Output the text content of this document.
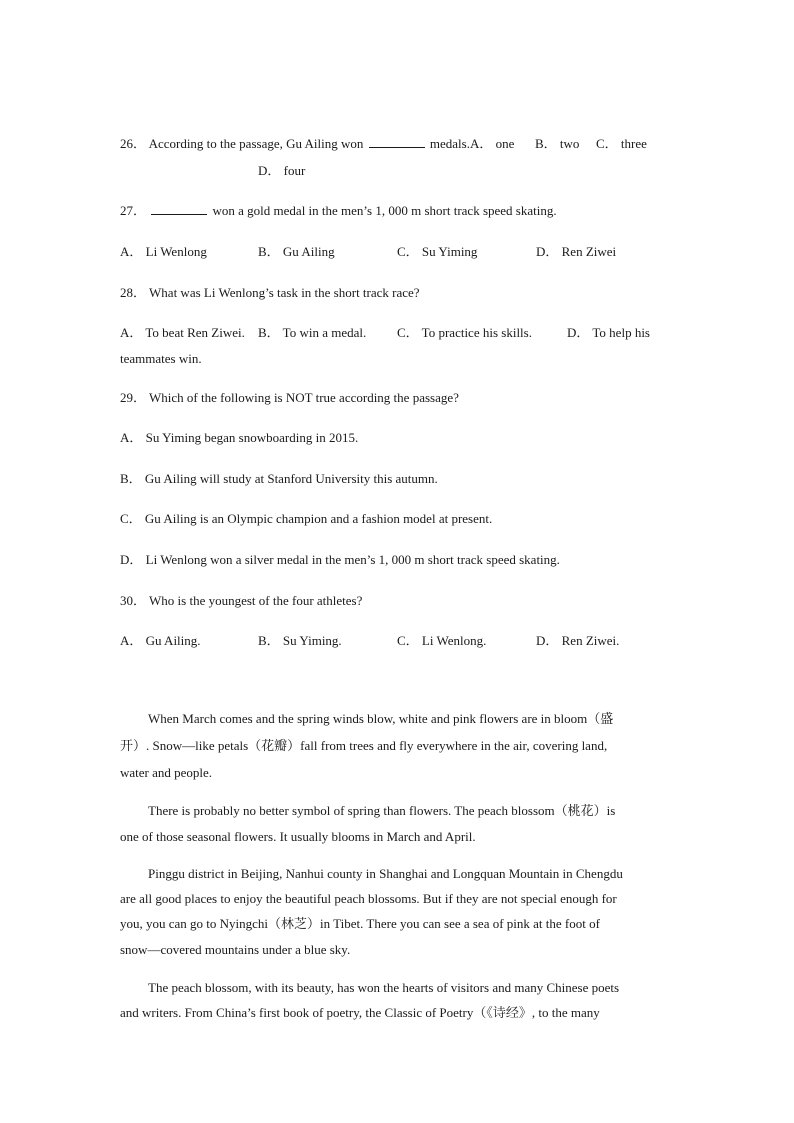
26． According to the passage, Gu Ailing won	medals.A． one B． two C． three
D． four
27．	won a gold medal in the men’s 1, 000 m short track speed skating.
A． Li Wenlong	B． Gu Ailing	C． Su Yiming	D． Ren Ziwei
28． What was Li Wenlong’s task in the short track race?
A． To beat Ren Ziwei. B． To win a medal. C． To practice his skills.	D． To help his
teammates win.
29． Which of the following is NOT true according the passage?
A． Su Yiming began snowboarding in 2015.
B． Gu Ailing will study at Stanford University this autumn.
C． Gu Ailing is an Olympic champion and a fashion model at present.
D． Li Wenlong won a silver medal in the men’s 1, 000 m short track speed skating.
30． Who is the youngest of the four athletes?
A． Gu Ailing.	B． Su Yiming.	C． Li Wenlong.	D． Ren Ziwei.
When March comes and the spring winds blow, white and pink flowers are in bloom（盛
开）. Snow—like petals（花瓣）fall from trees and fly everywhere in the air, covering land,
water and people.
There is probably no better symbol of spring than flowers. The peach blossom（桃花）is
one of those seasonal flowers. It usually blooms in March and April.
Pinggu district in Beijing, Nanhui county in Shanghai and Longquan Mountain in Chengdu
are all good places to enjoy the beautiful peach blossoms. But if they are not special enough for
you, you can go to Nyingchi（林芝）in Tibet. There you can see a sea of pink at the foot of
snow—covered mountains under a blue sky.
The peach blossom, with its beauty, has won the hearts of visitors and many Chinese poets
and writers. From China’s first book of poetry, the Classic of Poetry（《诗经》, to the many
